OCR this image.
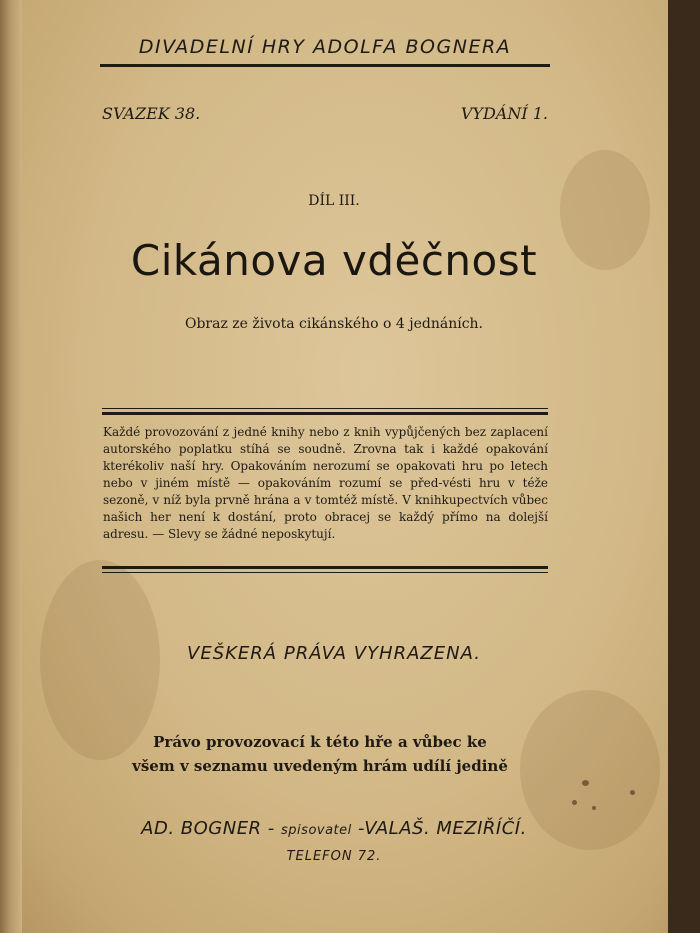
DIVADELNÍ HRY ADOLFA BOGNERA
SVAZEK 38.	VYDÁNÍ 1.
DÍL III.
Cikánova vděčnost
Obraz ze života cikánského o 4 jednáních.
Každé provozování z jedné knihy nebo z knih vypůjčených bez zaplacení autorského poplatku stíhá se soudně. Zrovna tak i každé opakování kterékoliv naší hry. Opakováním nerozumí se opakovati hru po letech nebo v jiném místě — opakováním rozumí se před-vésti hru v téže sezoně, v níž byla prvně hrána a v tomtéž místě. V knihkupectvích vůbec našich her není k dostání, proto obracej se každý přímo na dolejší adresu. — Slevy se žádné neposkytují.
VEŠKERÁ PRÁVA VYHRAZENA.
Právo provozovací k této hře a vůbec ke
všem v seznamu uvedeným hrám udílí jedině
AD. BOGNER - spisovatel -VALAŠ. MEZIŘÍČÍ.
TELEFON 72.
